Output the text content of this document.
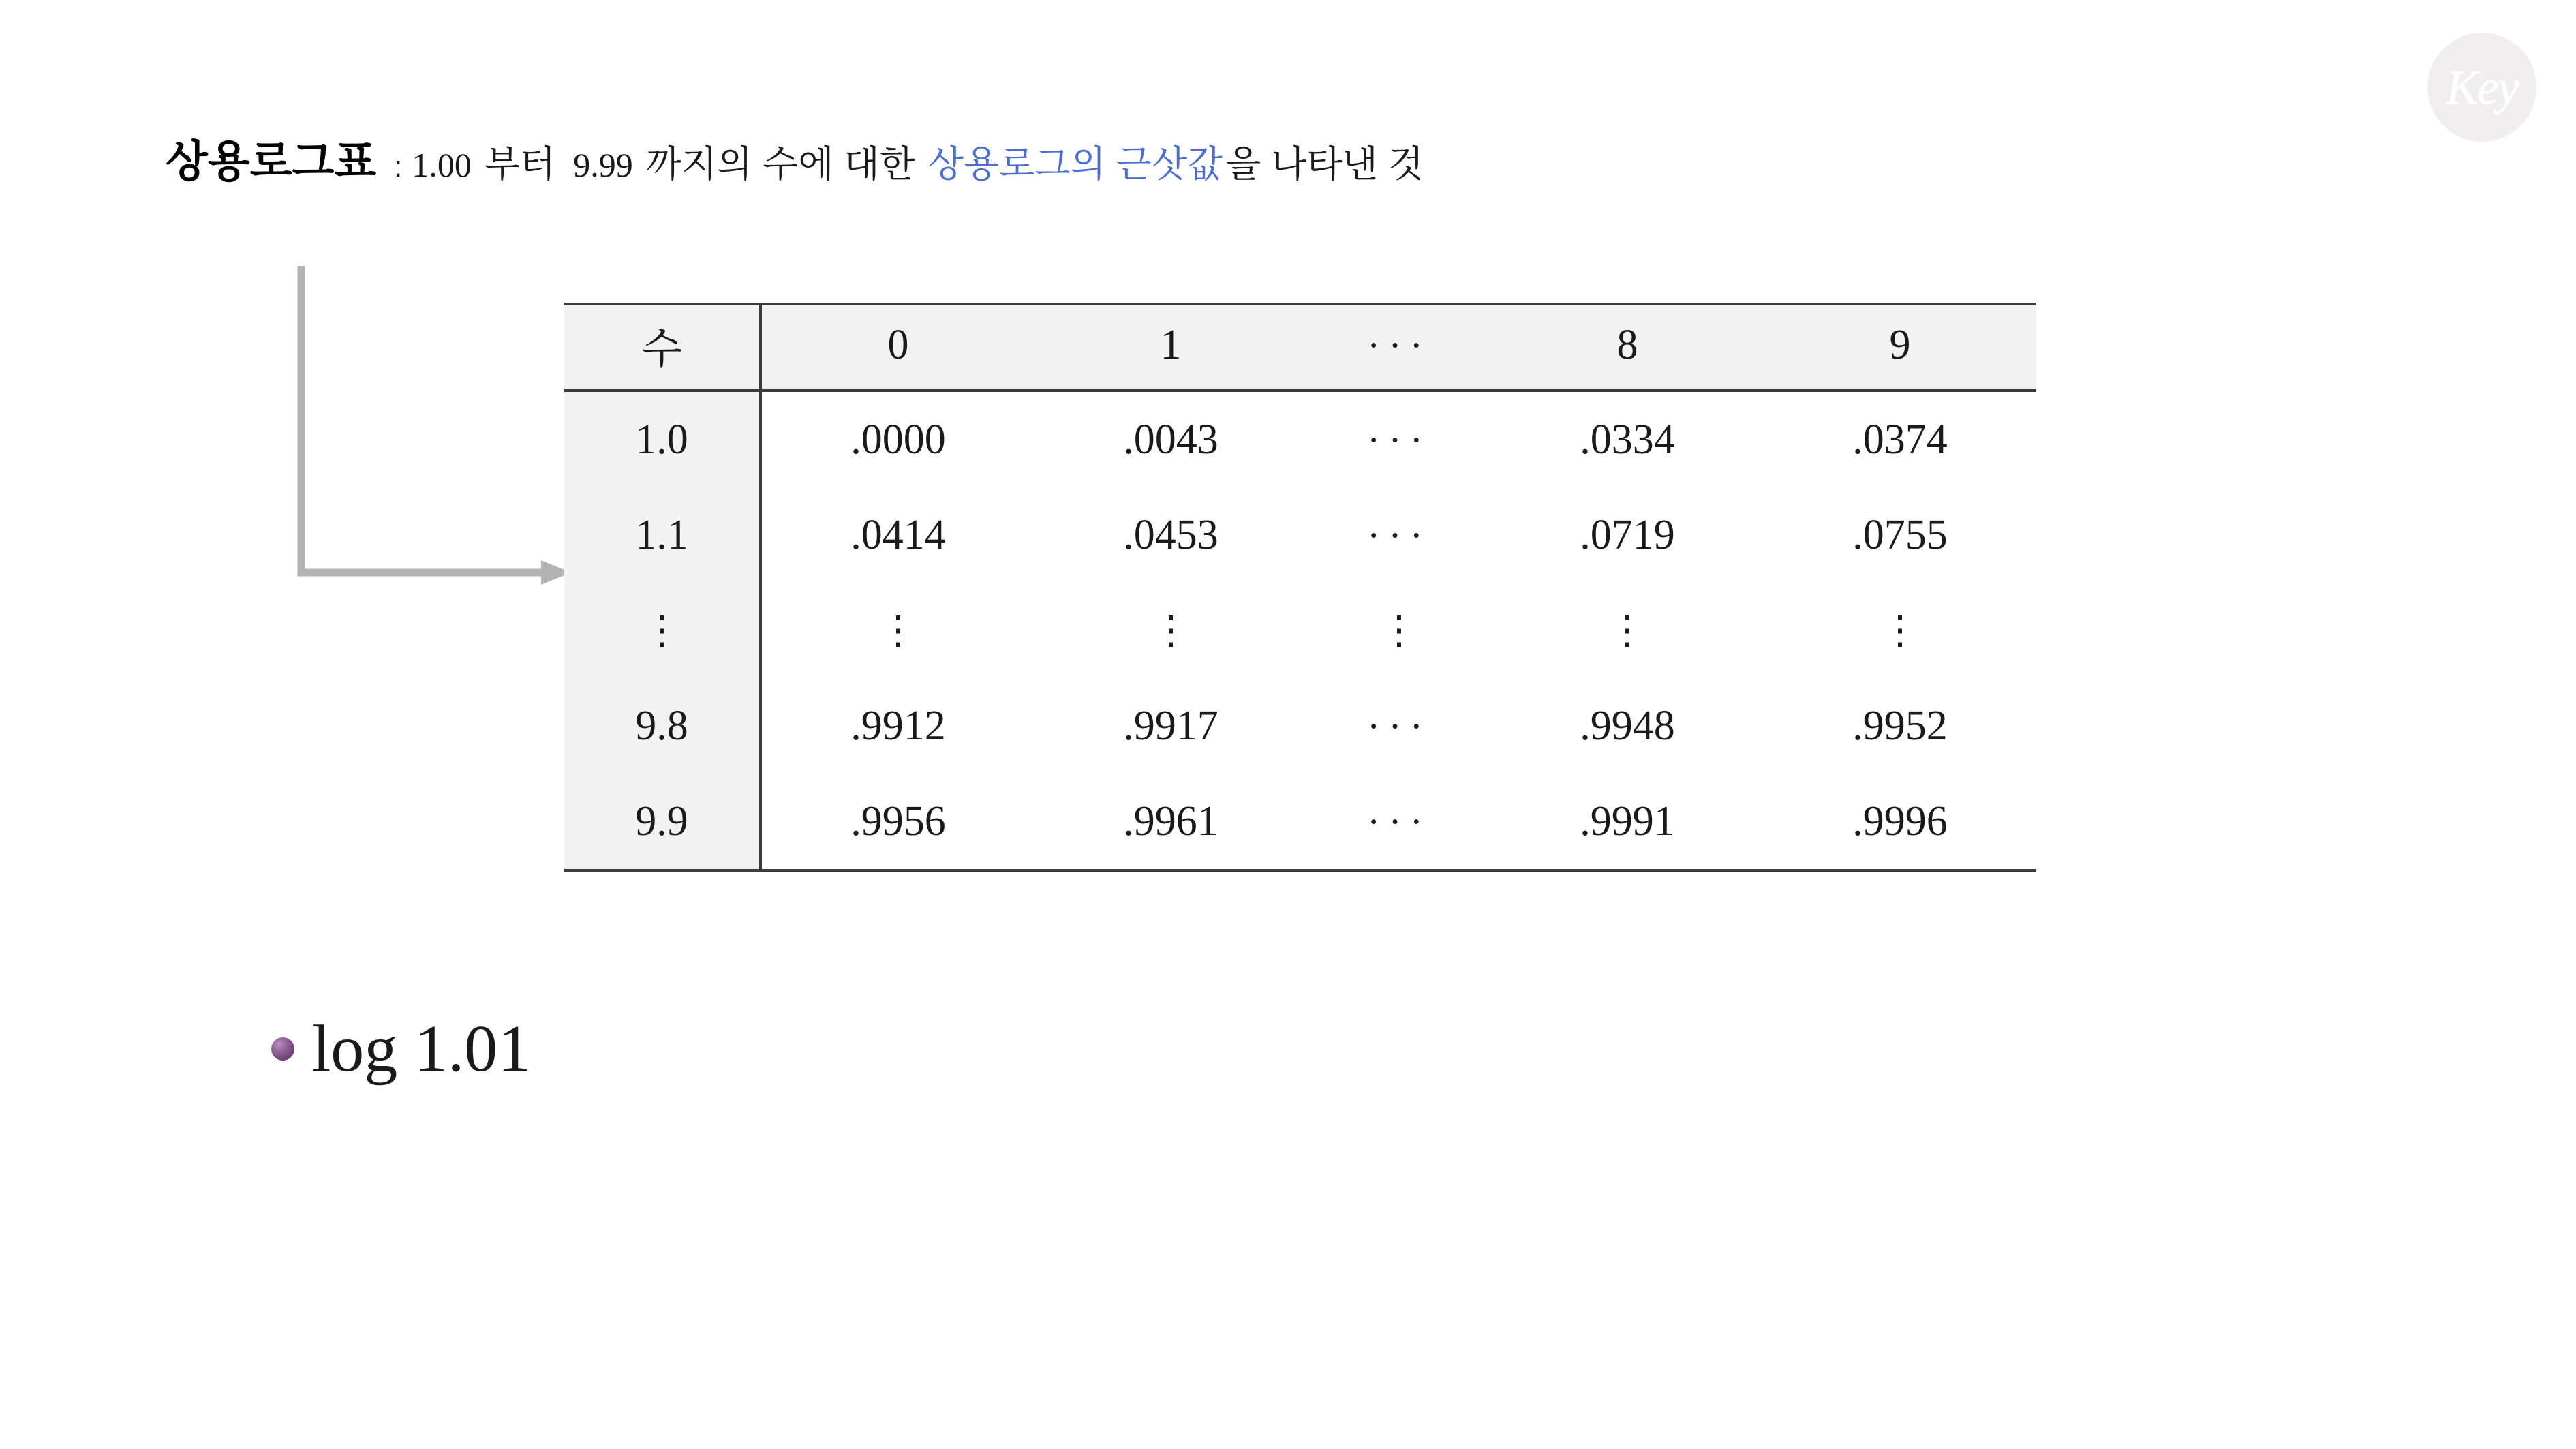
Key
상용로그표 : 1.00 부터 9.99 까지의 수에 대한 상용로그의 근삿값 을 나타낸 것
수	0	1	···	8	9
1.0	.0000	.0043	···	.0334	.0374
1.1	.0414	.0453	···	.0719	.0755
⋮	⋮	⋮	⋮	⋮	⋮
9.8	.9912	.9917	···	.9948	.9952
9.9	.9956	.9961	···	.9991	.9996
log 1.01
